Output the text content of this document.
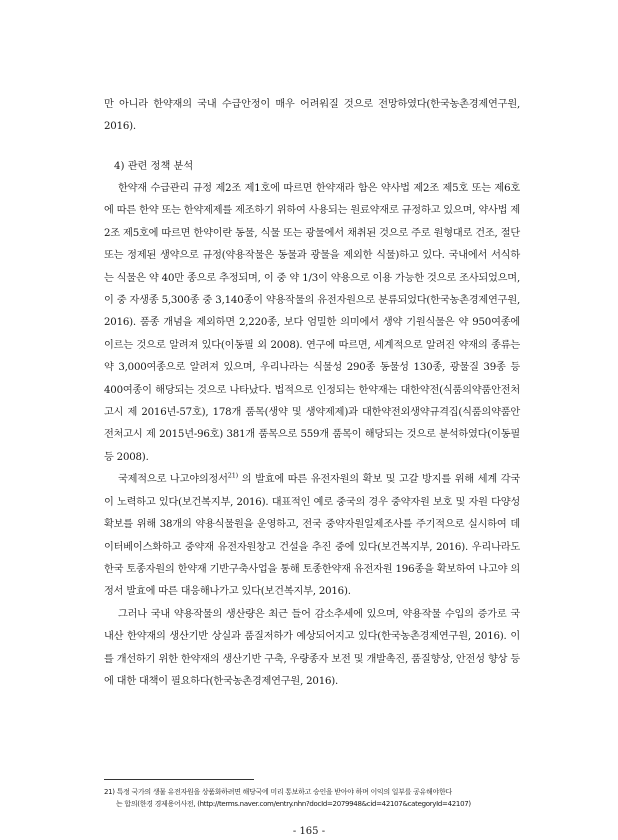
만 아니라 한약재의 국내 수급안정이 매우 어려워질 것으로 전망하였다(한국농촌경제연구원, 2016).

4) 관련 정책 분석

한약재 수급관리 규정 제2조 제1호에 따르면 한약재라 함은 약사법 제2조 제5호 또는 제6호에 따른 한약 또는 한약제제를 제조하기 위하여 사용되는 원료약재로 규정하고 있으며, 약사법 제2조 제5호에 따르면 한약이란 동물, 식물 또는 광물에서 채취된 것으로 주로 원형대로 건조, 절단 또는 정제된 생약으로 규정(약용작물은 동물과 광물을 제외한 식물)하고 있다. 국내에서 서식하는 식물은 약 40만 종으로 추정되며, 이 중 약 1/3이 약용으로 이용 가능한 것으로 조사되었으며, 이 중 자생종 5,300종 중 3,140종이 약용작물의 유전자원으로 분류되었다(한국농촌경제연구원, 2016). 품종 개념을 제외하면 2,220종, 보다 엄밀한 의미에서 생약 기원식물은 약 950여종에 이르는 것으로 알려져 있다(이동필 외 2008). 연구에 따르면, 세계적으로 알려진 약재의 종류는 약 3,000여종으로 알려져 있으며, 우리나라는 식물성 290종 동물성 130종, 광물질 39종 등 400여종이 해당되는 것으로 나타났다. 법적으로 인정되는 한약재는 대한약전(식품의약품안전처고시 제 2016년-57호), 178개 품목(생약 및 생약제제)과 대한약전외생약규격집(식품의약품안전처고시 제 2015년-96호) 381개 품목으로 559개 품목이 해당되는 것으로 분석하였다(이동필 등 2008).

국제적으로 나고야의정서$^{21)}$ 의 발효에 따른 유전자원의 확보 및 고갈 방지를 위해 세계 각국이 노력하고 있다(보건복지부, 2016). 대표적인 예로 중국의 경우 중약자원 보호 및 자원 다양성 확보를 위해 38개의 약용식물원을 운영하고, 전국 중약자원일제조사를 주기적으로 실시하여 데이터베이스화하고 중약재 유전자원창고 건설을 추진 중에 있다(보건복지부, 2016). 우리나라도 한국 토종자원의 한약재 기반구축사업을 통해 토종한약재 유전자원 196종을 확보하여 나고야 의정서 발효에 따른 대응해나가고 있다(보건복지부, 2016).

그러나 국내 약용작물의 생산량은 최근 들어 감소추세에 있으며, 약용작물 수입의 증가로 국내산 한약재의 생산기반 상실과 품질저하가 예상되어지고 있다(한국농촌경제연구원, 2016). 이를 개선하기 위한 한약재의 생산기반 구축, 우량종자 보전 및 개발촉진, 품질향상, 안전성 향상 등에 대한 대책이 필요하다(한국농촌경제연구원, 2016).

21) 특정 국가의 생물 유전자원을 상품화하려면 해당국에 미리 통보하고 승인을 받아야 하며 이익의 일부를 공유해야한다
는 합의(한경 경제용어사전, (http://terms.naver.com/entry.nhn?docId=2079948&cid=42107&categoryId=42107)
- 165 -
